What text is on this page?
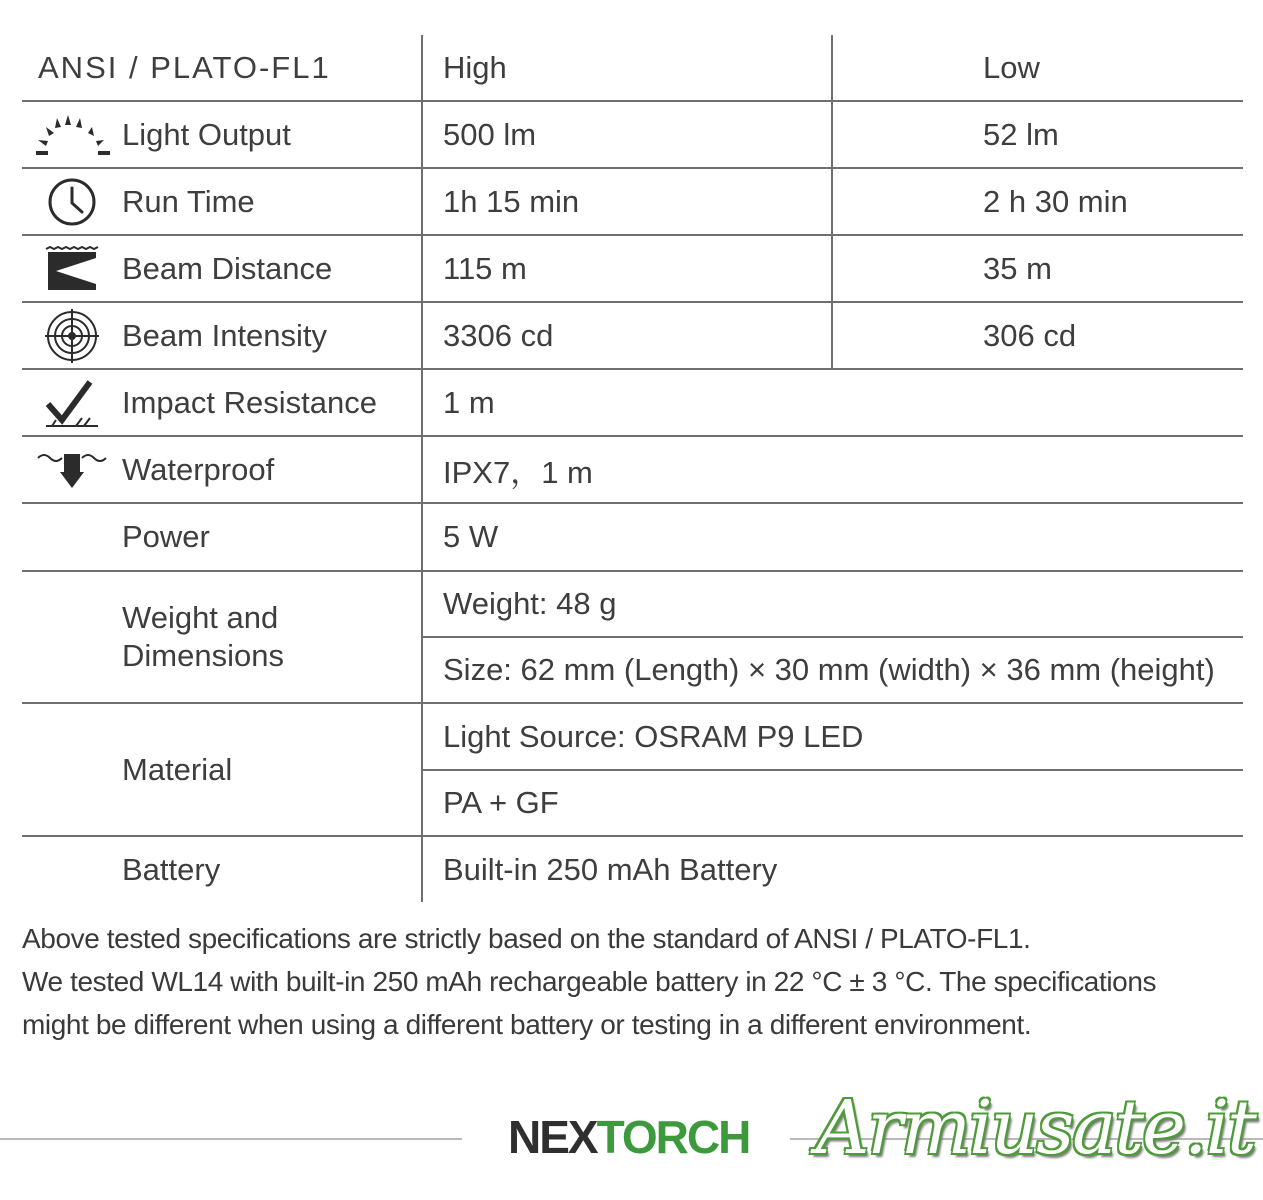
ANSI / PLATO-FL1	High	Low

Light Output	500 lm	52 lm

Run Time	1h 15 min	2 h 30 min

Beam Distance	115 m	35 m

Beam Intensity	3306 cd	306 cd

Impact Resistance	1 m	

Waterproof	IPX7，1 m	

Power	5 W	

Weight and Dimensions	Weight: 48 g	
	Size: 62 mm (Length) × 30 mm (width) × 36 mm (height)	

Material	Light Source: OSRAM P9 LED	
	PA + GF	

Battery	Built-in 250 mAh Battery	
Above tested specifications are strictly based on the standard of ANSI / PLATO-FL1.
We tested WL14 with built-in 250 mAh rechargeable battery in 22 °C ± 3 °C. The specifications
might be different when using a different battery or testing in a different environment.
NEXTORCH Armiusate.it
